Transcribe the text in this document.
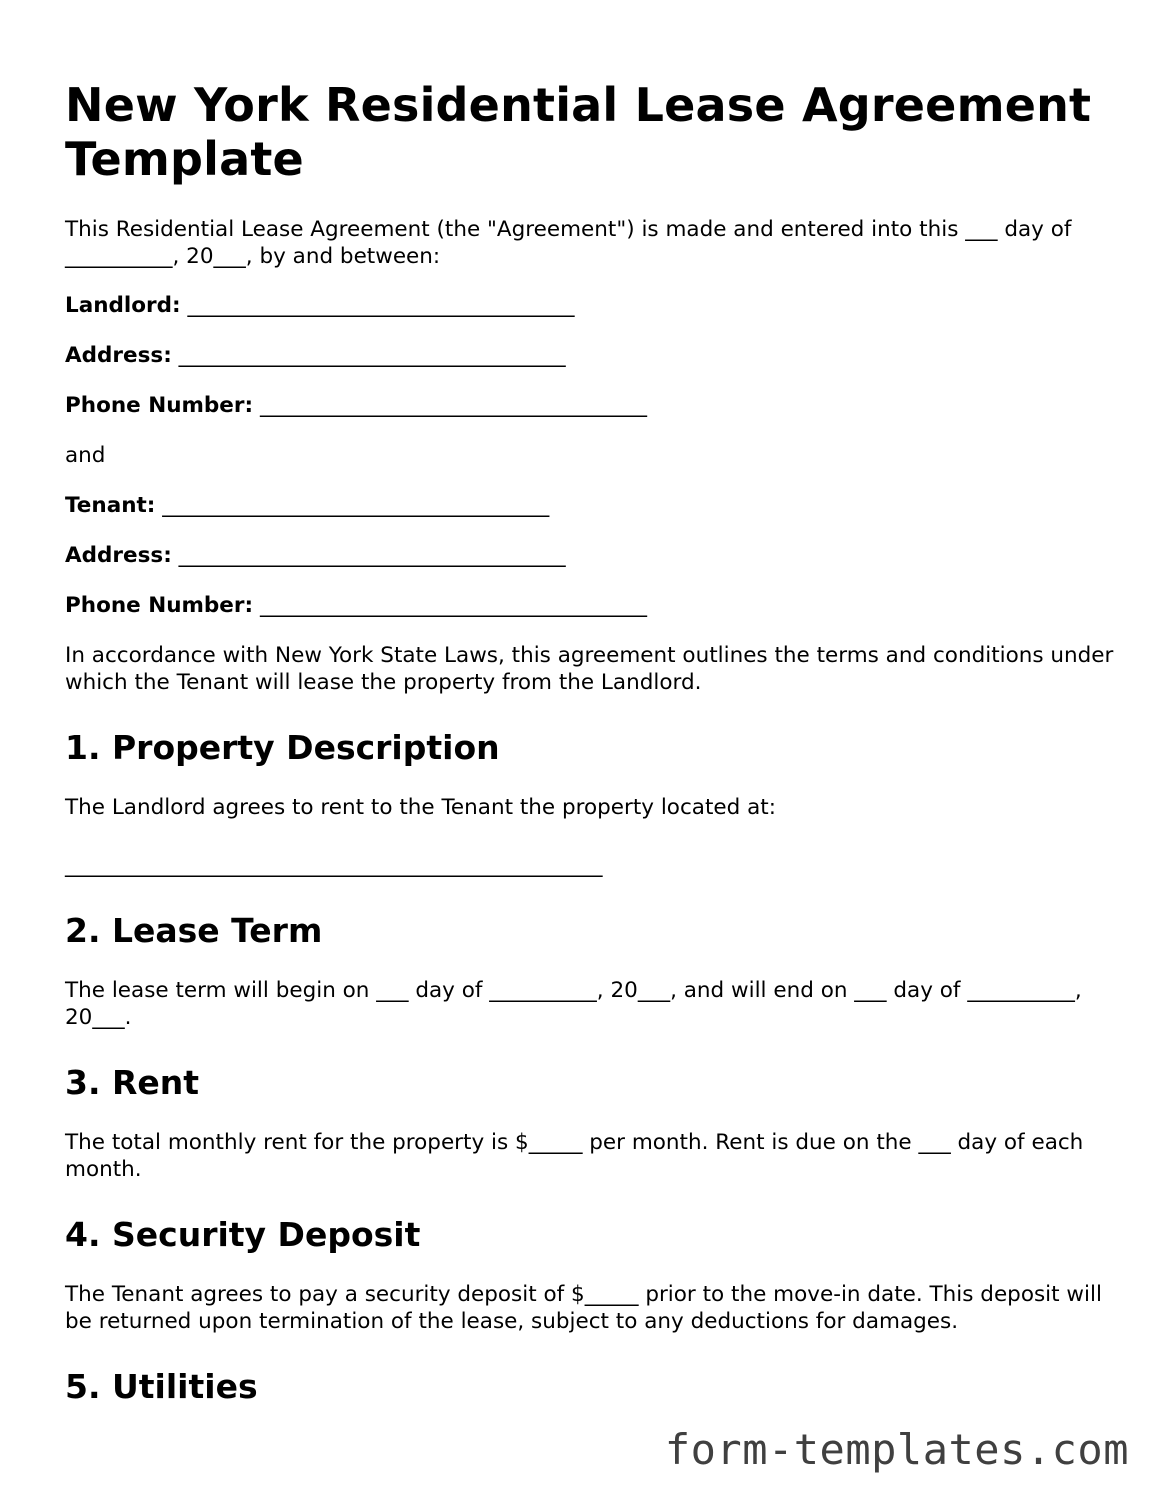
New York Residential Lease Agreement Template

This Residential Lease Agreement (the "Agreement") is made and entered into this ___ day of __________, 20___, by and between:

Landlord: ____________________________________
Address: ____________________________________
Phone Number: ____________________________________

and

Tenant: ____________________________________
Address: ____________________________________
Phone Number: ____________________________________

In accordance with New York State Laws, this agreement outlines the terms and conditions under which the Tenant will lease the property from the Landlord.

1. Property Description

The Landlord agrees to rent to the Tenant the property located at:

__________________________________________________

2. Lease Term

The lease term will begin on ___ day of __________, 20___, and will end on ___ day of __________, 20___.

3. Rent

The total monthly rent for the property is $_____ per month. Rent is due on the ___ day of each month.

4. Security Deposit

The Tenant agrees to pay a security deposit of $_____ prior to the move-in date. This deposit will be returned upon termination of the lease, subject to any deductions for damages.

5. Utilities
form-templates.com
